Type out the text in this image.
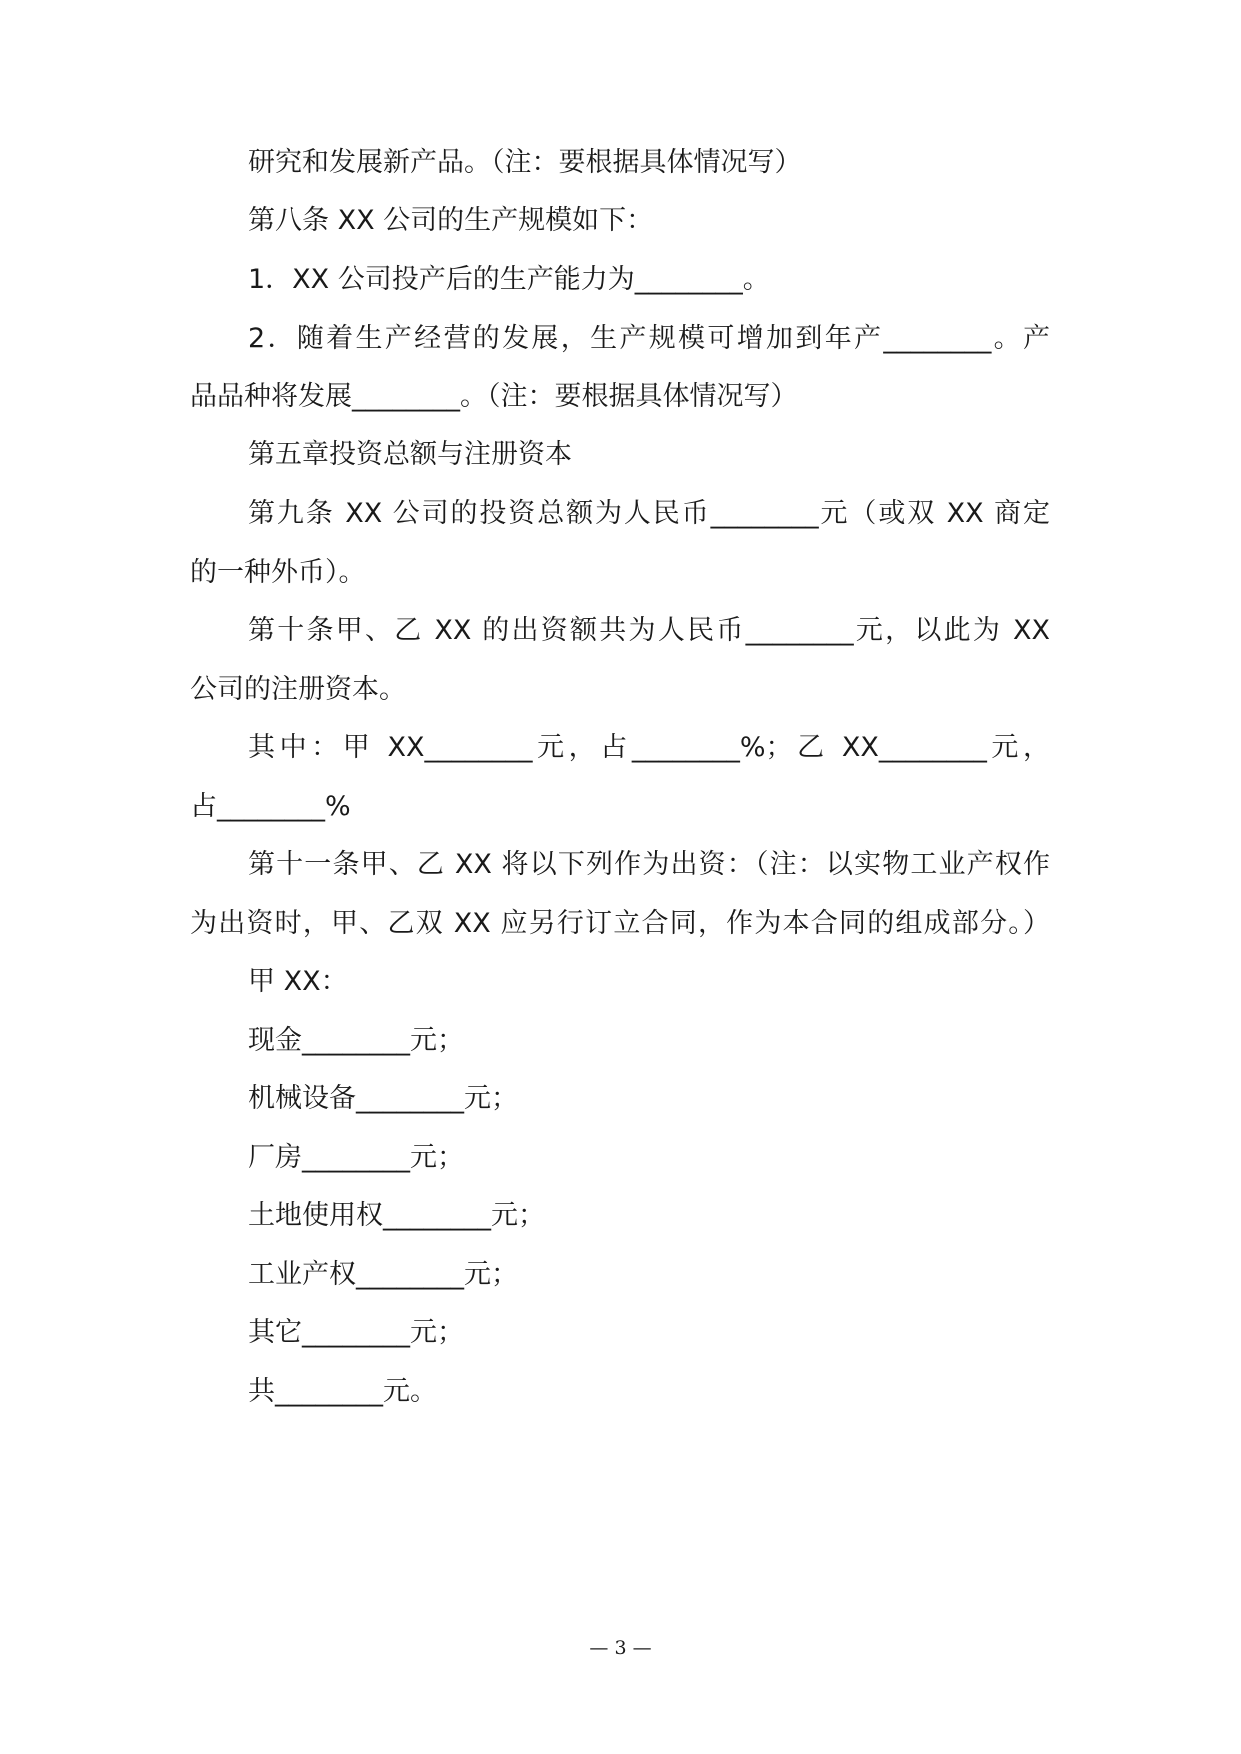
研究和发展新产品。（注：要根据具体情况写）
第八条 XX 公司的生产规模如下：
1．XX 公司投产后的生产能力为________。
2．随着生产经营的发展，生产规模可增加到年产________。产
品品种将发展________。（注：要根据具体情况写）
第五章投资总额与注册资本
第九条 XX 公司的投资总额为人民币________元（或双 XX 商定
的一种外币）。
第十条甲、乙 XX 的出资额共为人民币________元，以此为 XX
公司的注册资本。
其中：甲 XX________元，占________%；乙 XX________元，
占________%
第十一条甲、乙 XX 将以下列作为出资：（注：以实物工业产权作
为出资时，甲、乙双 XX 应另行订立合同，作为本合同的组成部分。）
甲 XX：
现金________元；
机械设备________元；
厂房________元；
土地使用权________元；
工业产权________元；
其它________元；
共________元。
— 3 —
